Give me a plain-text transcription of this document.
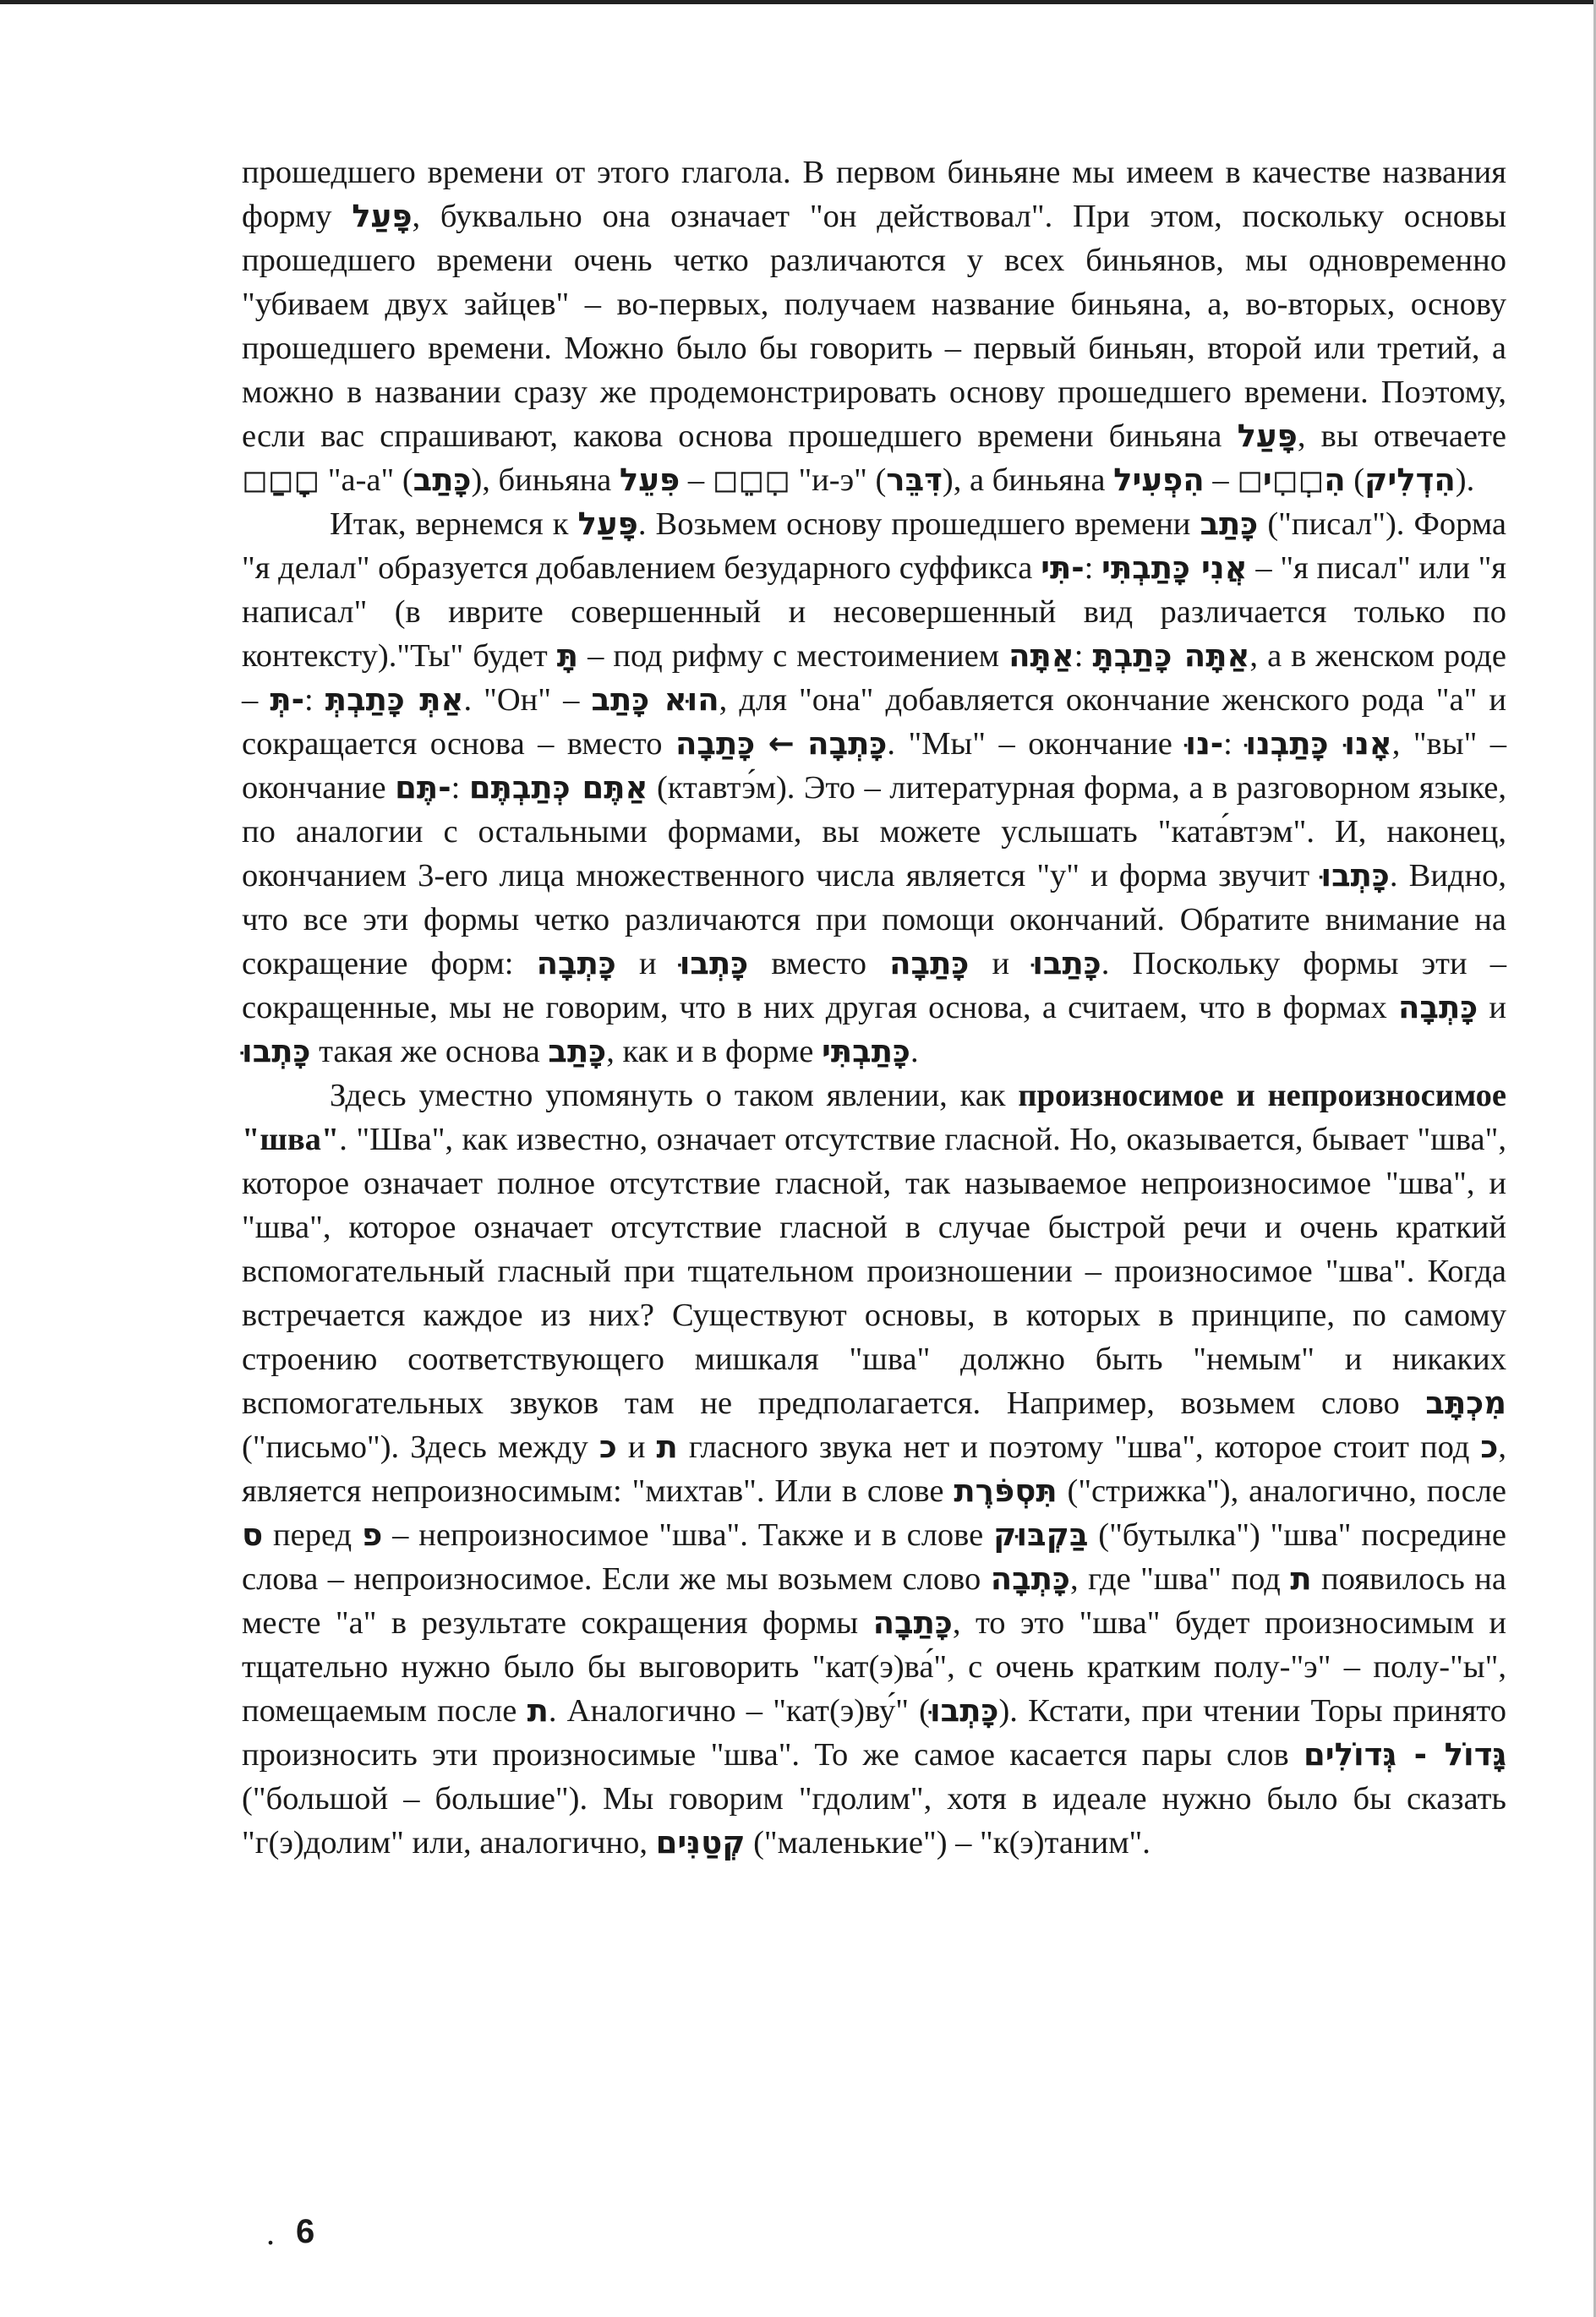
прошедшего времени от этого глагола. В первом биньяне мы имеем в качестве названия форму פָּעַל, буквально она означает "он действовал". При этом, поскольку основы прошедшего времени очень четко различаются у всех биньянов, мы одновременно "убиваем двух зайцев" – во-первых, получаем название биньяна, а, во-вторых, основу прошедшего времени. Можно было бы говорить – первый биньян, второй или третий, а можно в названии сразу же продемонстрировать основу прошедшего времени. Поэтому, если вас спрашивают, какова основа прошедшего времени биньяна פָּעַל, вы отвечаете ◻ָ◻ַ◻ "а-а" (כָּתַב), биньяна פִּעֵל – ◻ִ◻ֵ◻ "и-э" (דִּבֵּר), а биньяна הִפְעִיל – הִ◻ְ◻ִי◻ (הִדְלִיק).

Итак, вернемся к פָּעַל. Возьмем основу прошедшего времени כָּתַב ("писал"). Форма "я делал" образуется добавлением безударного суффикса -תִּי: אֲנִי כָּתַבְתִּי – "я писал" или "я написал" (в иврите совершенный и несовершенный вид различается только по контексту)."Ты" будет תָּ – под рифму с местоимением אַתָּה: אַתָּה כָּתַבְתָּ, а в женском роде – -תְּ: אַתְּ כָּתַבְתְּ. "Он" – הוּא כָּתַב, для "она" добавляется окончание женского рода "а" и сокращается основа – вместо כָּתַבָה ← כָּתְבָה. "Мы" – окончание -נוּ: אָנוּ כָּתַבְנוּ, "вы" – окончание -תֶּם: אַתֶּם כְּתַבְתֶּם (ктавтэ́м). Это – литературная форма, а в разговорном языке, по аналогии с остальными формами, вы можете услышать "ката́втэм". И, наконец, окончанием 3-его лица множественного числа является "у" и форма звучит כָּתְבוּ. Видно, что все эти формы четко различаются при помощи окончаний. Обратите внимание на сокращение форм: כָּתְבָה и כָּתְבוּ вместо כָּתַבָה и כָּתַבוּ. Поскольку формы эти – сокращенные, мы не говорим, что в них другая основа, а считаем, что в формах כָּתְבָה и כָּתְבוּ такая же основа כָּתַב, как и в форме כָּתַבְתִּי.

Здесь уместно упомянуть о таком явлении, как произносимое и непроизносимое "шва". "Шва", как известно, означает отсутствие гласной. Но, оказывается, бывает "шва", которое означает полное отсутствие гласной, так называемое непроизносимое "шва", и "шва", которое означает отсутствие гласной в случае быстрой речи и очень краткий вспомогательный гласный при тщательном произношении – произносимое "шва". Когда встречается каждое из них? Существуют основы, в которых в принципе, по самому строению соответствующего мишкаля "шва" должно быть "немым" и никаких вспомогательных звуков там не предполагается. Например, возьмем слово מִכְתָּב ("письмо"). Здесь между כ и ת гласного звука нет и поэтому "шва", которое стоит под כ, является непроизносимым: "михтав". Или в слове תִּסְפֹּרֶת ("стрижка"), аналогично, после ס перед פ – непроизносимое "шва". Также и в слове בַּקְבּוּק ("бутылка") "шва" посредине слова – непроизносимое. Если же мы возьмем слово כָּתְבָה, где "шва" под ת появилось на месте "а" в результате сокращения формы כָּתַבָה, то это "шва" будет произносимым и тщательно нужно было бы выговорить "кат(э)ва́", с очень кратким полу-"э" – полу-"ы", помещаемым после ת. Аналогично – "кат(э)ву́" (כָּתְבוּ). Кстати, при чтении Торы принято произносить эти произносимые "шва". То же самое касается пары слов גָּדוֹל - גְּדוֹלִים ("большой – большие"). Мы говорим "гдолим", хотя в идеале нужно было бы сказать "г(э)долим" или, аналогично, קְטַנִּים ("маленькие") – "к(э)таним".

. 6
